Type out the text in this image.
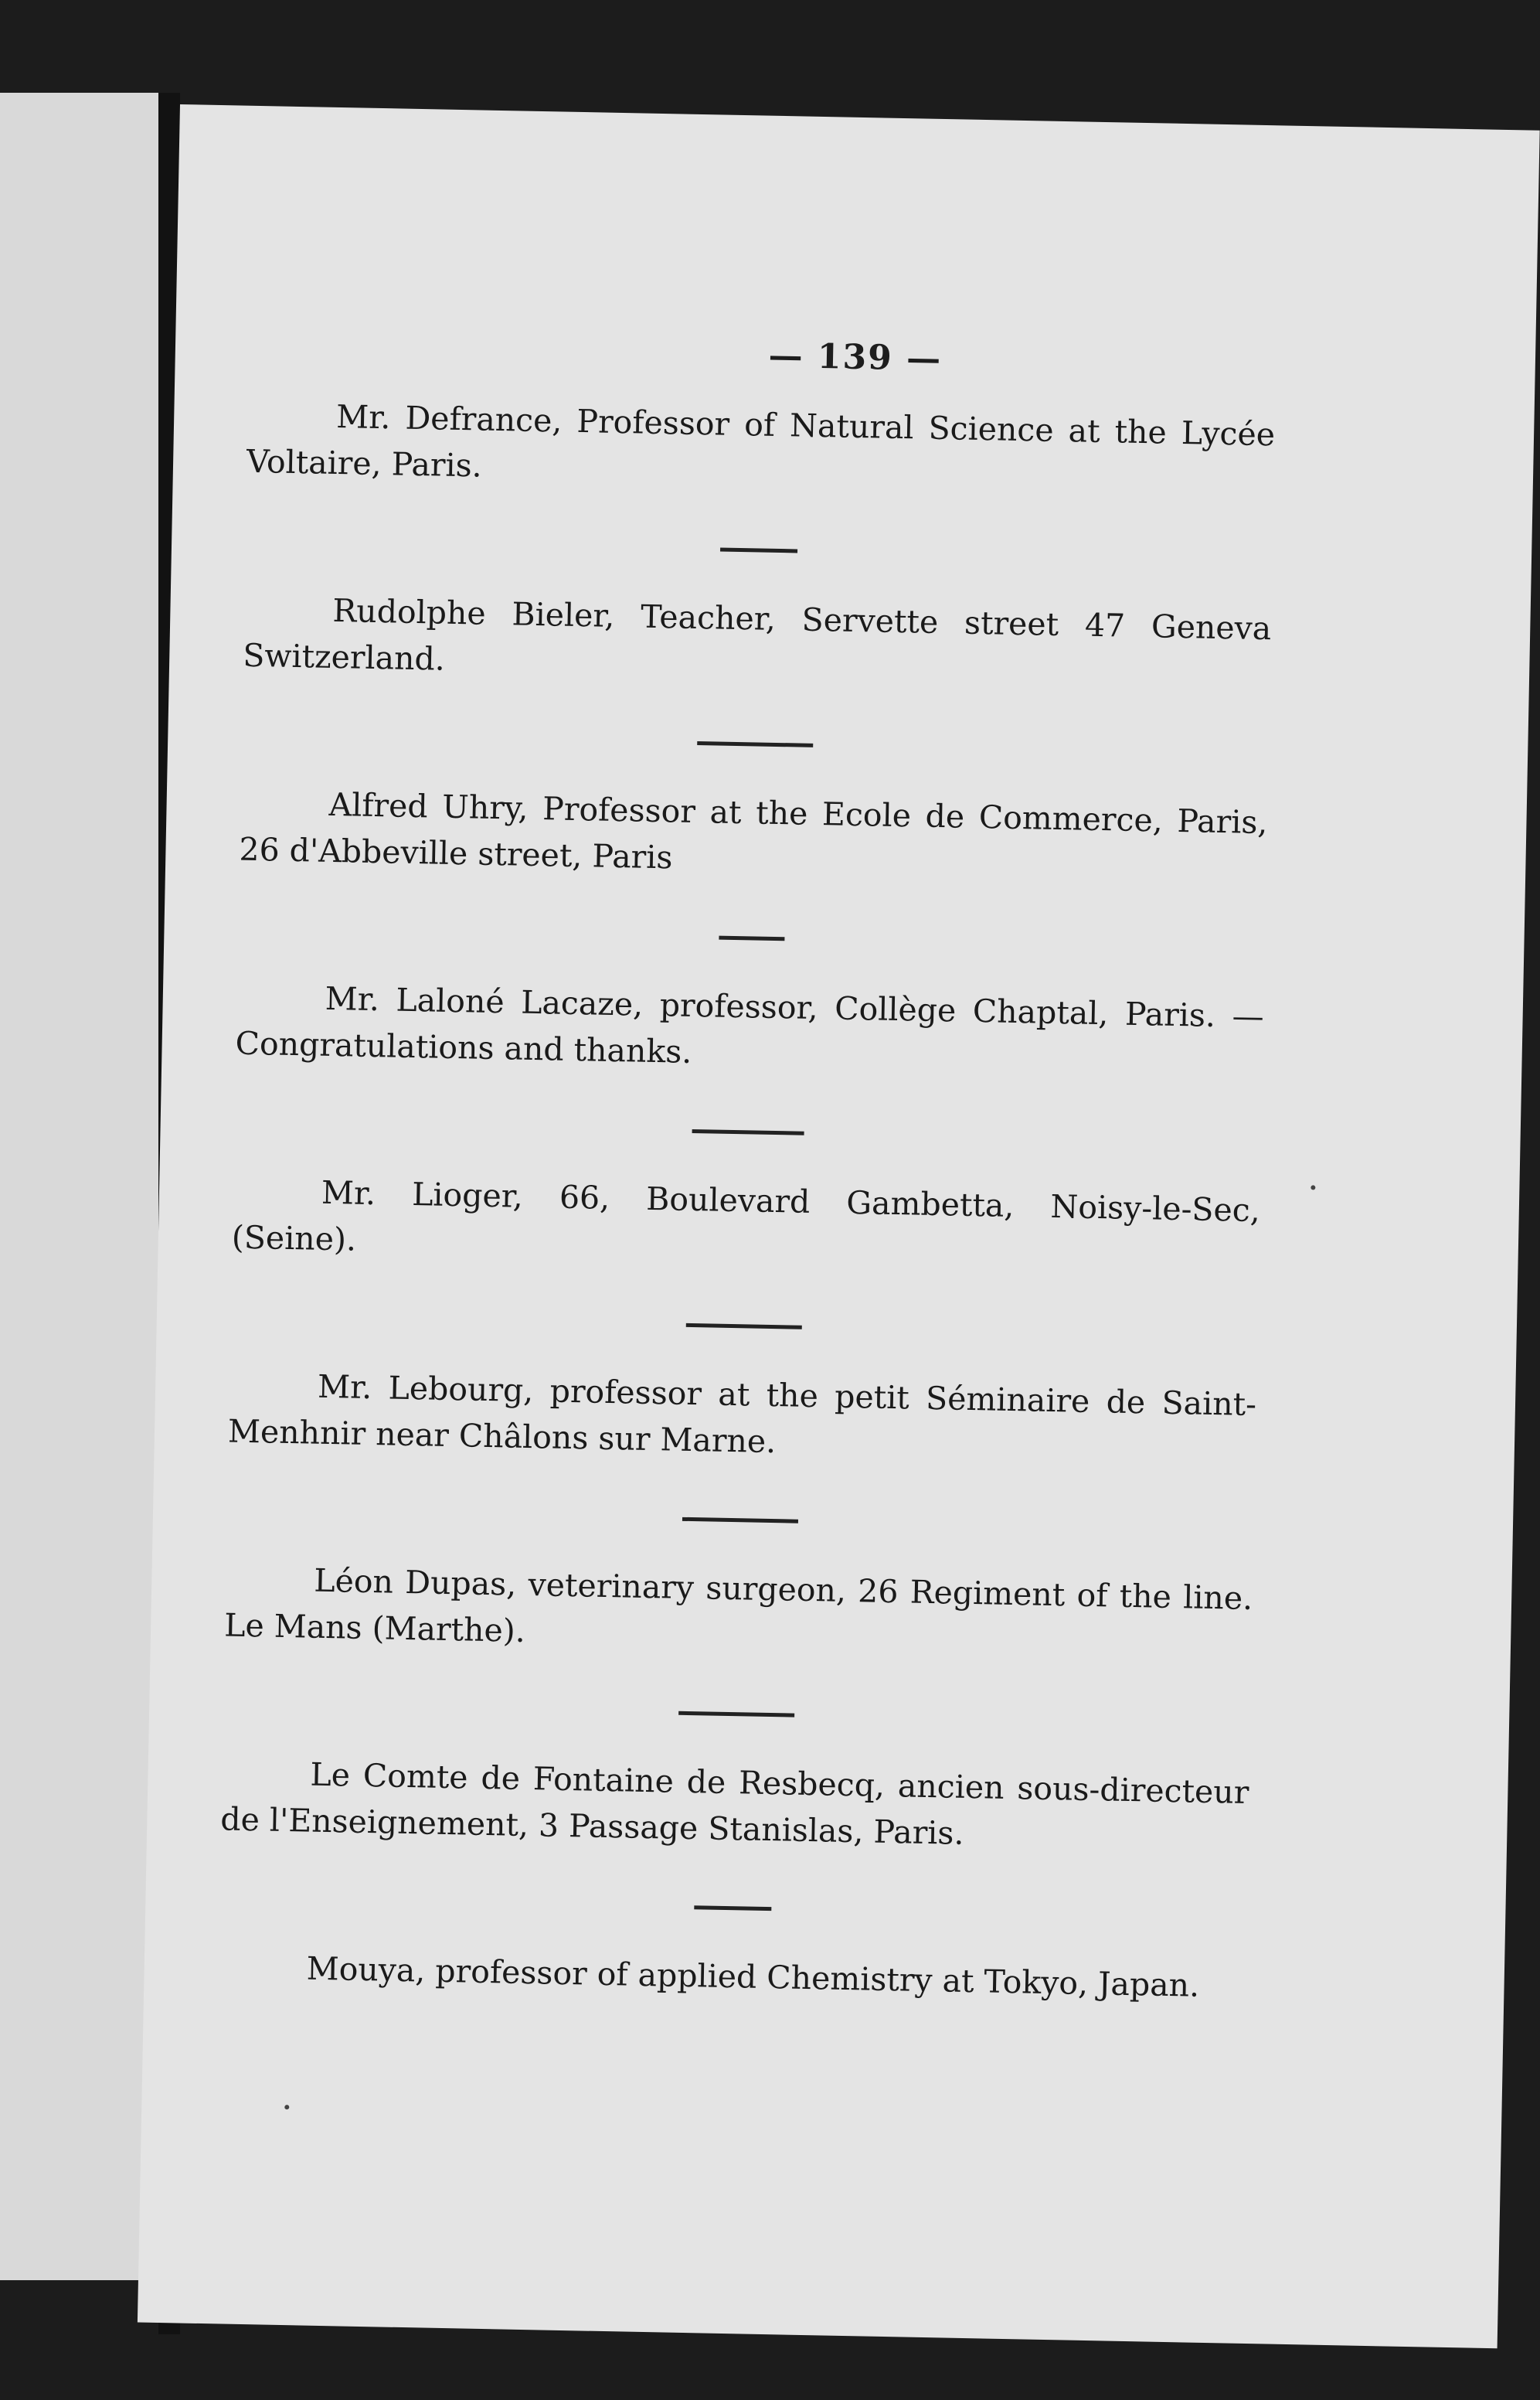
— 139 —

Mr. Defrance, Professor of Natural Science at the Lycée Voltaire, Paris.

Rudolphe Bieler, Teacher, Servette street 47 Geneva Switzerland.

Alfred Uhry, Professor at the Ecole de Commerce, Paris, 26 d'Abbeville street, Paris

Mr. Laloné Lacaze, professor, Collège Chaptal, Paris. —Congratulations and thanks.

Mr. Lioger, 66, Boulevard Gambetta, Noisy-le-Sec, (Seine).

Mr. Lebourg, professor at the petit Séminaire de Saint-Menhnir near Châlons sur Marne.

Léon Dupas, veterinary surgeon, 26 Regiment of the line. Le Mans (Marthe).

Le Comte de Fontaine de Resbecq, ancien sous-directeur de l'Enseignement, 3 Passage Stanislas, Paris.

Mouya, professor of applied Chemistry at Tokyo, Japan.
